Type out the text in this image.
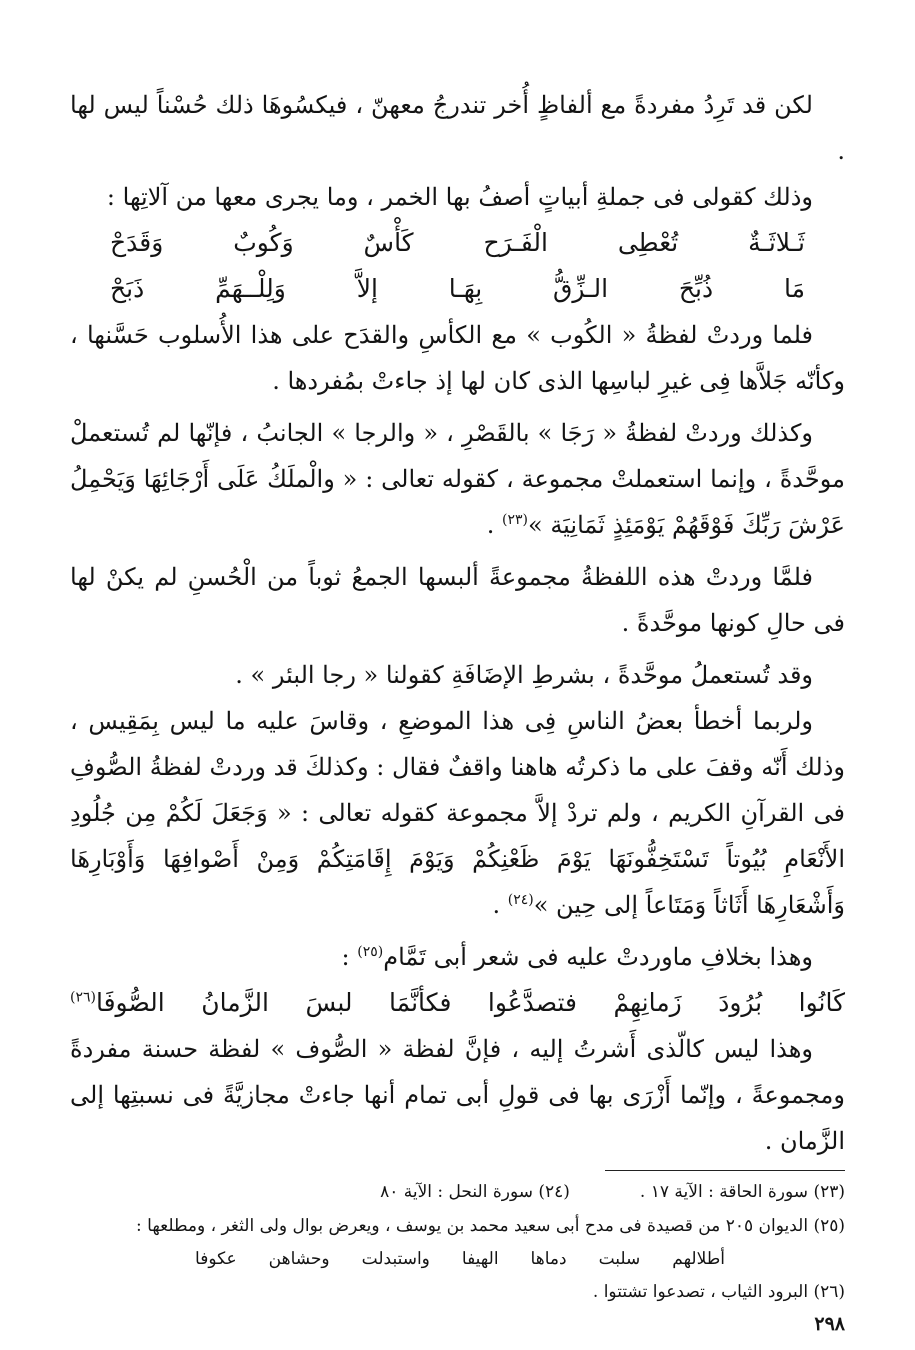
لكن قد تَرِدُ مفردةً مع ألفاظٍ أُخر تندرجُ معهنّ ، فيكسُوهَا ذلك حُسْناً ليس لها .

وذلك كقولى فى جملةِ أبياتٍ أصفُ بها الخمر ، وما يجرى معها من آلاتِها :

ثَـلاثَـةٌ
تُعْطِى
الْفَـرَح
كَأْسٌ
وَكُوبٌ
وَقَدَحْ
مَا
ذُبِّحَ
الـزِّقُّ
بِهَـا
إلاَّ
وَلِلْــهَمِّ
ذَبَحْ

فلما وردتْ لفظةُ « الكُوب » مع الكأسِ والقدَح على هذا الأُسلوب حَسَّنها ، وكأنّه جَلاَّها فِى غيرِ لباسِها الذى كان لها إذ جاءتْ بمُفردها .

وكذلك وردتْ لفظةُ « رَجَا » بالقَصْرِ ، « والرجا » الجانبُ ، فإنّها لم تُستعملْ موحَّدةً ، وإنما استعملتْ مجموعة ، كقوله تعالى : « والْملَكُ عَلَى أَرْجَائِهَا وَيَحْمِلُ عَرْشَ رَبِّكَ فَوْقَهُمْ يَوْمَئِذٍ ثَمَانِيَة »$^{(٢٣)}$ .

فلمَّا وردتْ هذه اللفظةُ مجموعةً ألبسها الجمعُ ثوباً من الْحُسنِ لم يكنْ لها فى حالِ كونها موحَّدةً .

وقد تُستعملُ موحَّدةً ، بشرطِ الإضَافَةِ كقولنا « رجا البئر » .

ولربما أخطأ بعضُ الناسِ فِى هذا الموضعِ ، وقاسَ عليه ما ليس بِمَقِيس ، وذلك أَنّه وقفَ على ما ذكرتُه هاهنا واقفٌ فقال : وكذلكَ قد وردتْ لفظةُ الصُّوفِ فى القرآنِ الكريم ، ولم تردْ إلاَّ مجموعة كقوله تعالى : « وَجَعَلَ لَكُمْ مِن جُلُودِ الأَنْعَامِ بُيُوتاً تَسْتَخِفُّونَهَا يَوْمَ ظَعْنِكُمْ وَيَوْمَ إِقَامَتِكُمْ وَمِنْ أَصْوافِهَا وَأَوْبَارِهَا وَأَشْعَارِهَا أَثَاثاً وَمَتَاعاً إلى حِين »$^{(٢٤)}$ .

وهذا بخلافِ ماوردتْ عليه فى شعر أبى تَمَّام$^{(٢٥)}$ :

كَانُوا
بُرُودَ
زَمانِهِمْ
فتصدَّعُوا
فكأنَّمَا
لبسَ
الزَّمانُ
الصُّوفَا$^{(٢٦)}$

وهذا ليس كالّذى أَشرتُ إليه ، فإنَّ لفظة « الصُّوف » لفظة حسنة مفردةً ومجموعةً ، وإنّما أَزْرَى بها فى قولِ أبى تمام أنها جاءتْ مجازيَّةً فى نسبتِها إلى الزَّمان .

(٢٣) سورة الحاقة : الآية ١٧ .
(٢٤) سورة النحل : الآية ٨٠

(٢٥) الديوان ٢٠٥ من قصيدة فى مدح أبى سعيد محمد بن يوسف ، ويعرض بوال ولى الثغر ، ومطلعها :

أطلالهم
سلبت
دماها
الهيفا
واستبدلت
وحشاهن
عكوفا

(٢٦) البرود الثياب ، تصدعوا تشتتوا .

٢٩٨
